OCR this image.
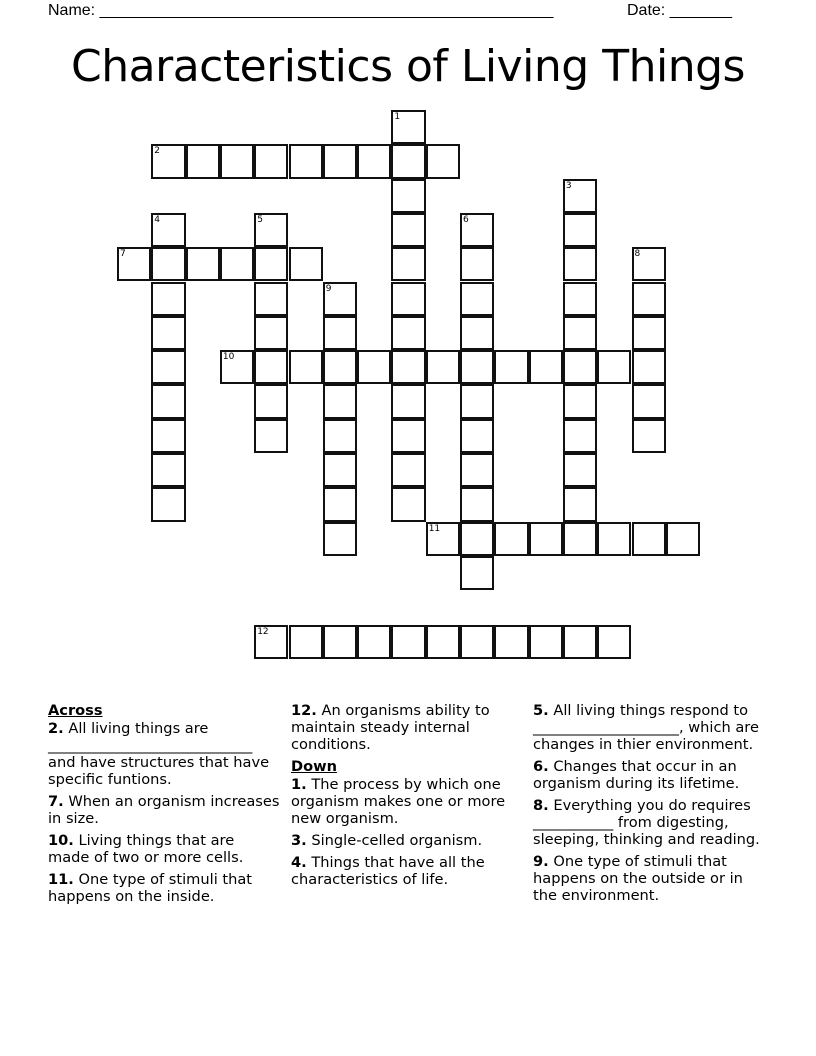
Name: ___________________________________________________	Date: _______
Characteristics of Living Things
1
2
3
4	5	6
7	8
9
10
11
12
Across
2. All living things are ____________________________ and have structures that have specific funtions.
7. When an organism increases in size.
10. Living things that are made of two or more cells.
11. One type of stimuli that happens on the inside.
12. An organisms ability to maintain steady internal conditions.
Down
1. The process by which one organism makes one or more new organism.
3. Single-celled organism.
4. Things that have all the characteristics of life.
5. All living things respond to ____________________, which are changes in thier environment.
6. Changes that occur in an organism during its lifetime.
8. Everything you do requires ___________ from digesting, sleeping, thinking and reading.
9. One type of stimuli that happens on the outside or in the environment.
